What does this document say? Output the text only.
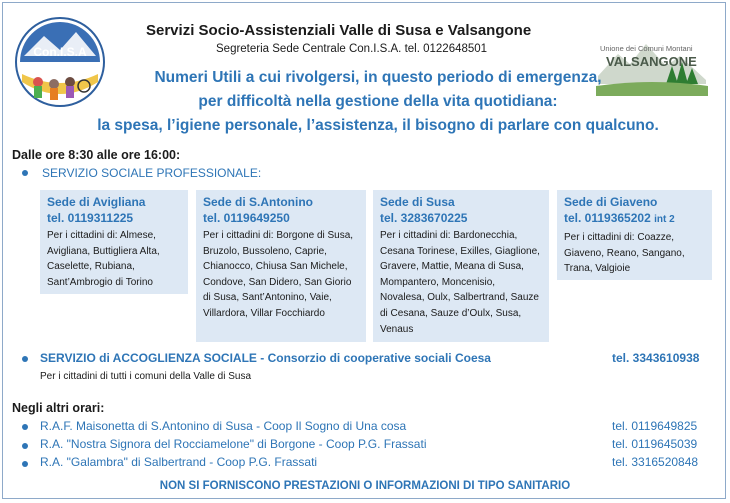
Con.I.S.A
Valle di Susa
Unione dei Comuni Montani
VALSANGONE
Servizi Socio-Assistenziali Valle di Susa e Valsangone
Segreteria Sede Centrale Con.I.S.A. tel. 0122648501
Numeri Utili a cui rivolgersi, in questo periodo di emergenza,
per difficoltà nella gestione della vita quotidiana:
la spesa, l’igiene personale, l’assistenza, il bisogno di parlare con qualcuno.
Dalle ore 8:30 alle ore 16:00:
SERVIZIO SOCIALE PROFESSIONALE:
Sede di Avigliana
tel. 0119311225
Per i cittadini di: Almese, Avigliana, Buttigliera Alta, Caselette, Rubiana, Sant’Ambrogio di Torino
Sede di S.Antonino
tel. 0119649250
Per i cittadini di: Borgone di Susa, Bruzolo, Bussoleno, Caprie, Chianocco, Chiusa San Michele, Condove, San Didero, San Giorio di Susa, Sant’Antonino, Vaie, Villardora, Villar Focchiardo
Sede di Susa
tel. 3283670225
Per i cittadini di: Bardonecchia, Cesana Torinese, Exilles, Giaglione, Gravere, Mattie, Meana di Susa, Mompantero, Moncenisio, Novalesa, Oulx, Salbertrand, Sauze di Cesana, Sauze d’Oulx, Susa, Venaus
Sede di Giaveno
tel. 0119365202 int 2
Per i cittadini di: Coazze, Giaveno, Reano, Sangano, Trana, Valgioie
SERVIZIO di ACCOGLIENZA SOCIALE - Consorzio di cooperative sociali Coesa
Per i cittadini di tutti i comuni della Valle di Susa
tel. 3343610938
Negli altri orari:
R.A.F. Maisonetta di S.Antonino di Susa - Coop Il Sogno di Una cosa	tel. 0119649825
R.A. "Nostra Signora del Rocciamelone" di Borgone - Coop P.G. Frassati	tel. 0119645039
R.A. "Galambra" di Salbertrand - Coop P.G. Frassati	tel. 3316520848
NON SI FORNISCONO PRESTAZIONI O INFORMAZIONI DI TIPO SANITARIO
